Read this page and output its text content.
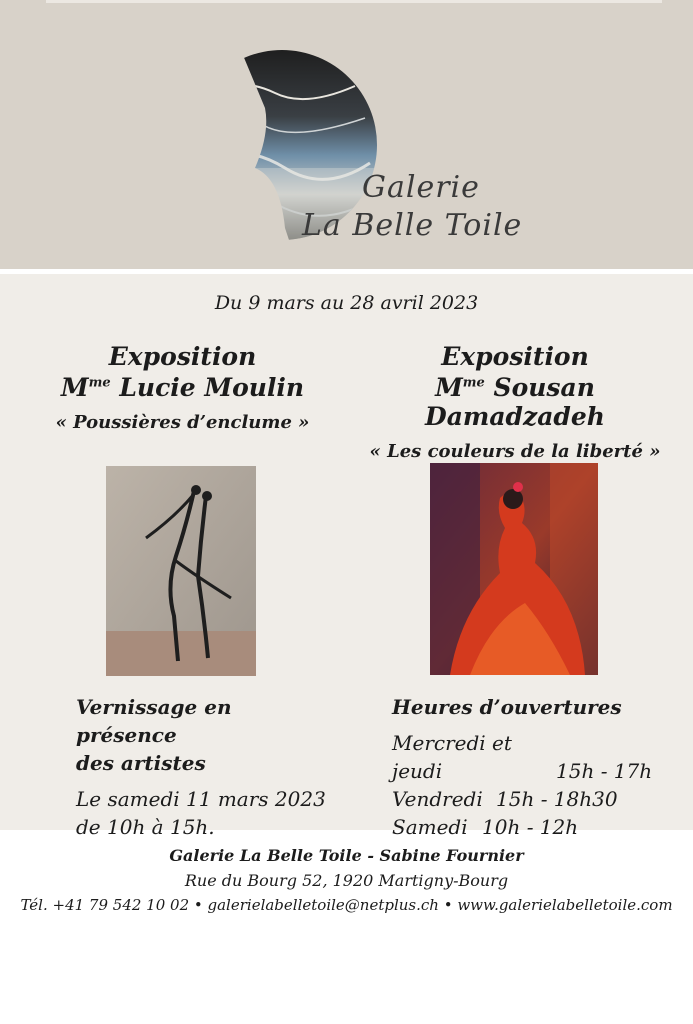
Galerie
La Belle Toile
Du 9 mars au 28 avril 2023
Exposition
$M^{me}$ Lucie Moulin
« Poussières d’enclume »
Vernissage en présence
des artistes
Le samedi 11 mars 2023
de 10h à 15h.
Exposition
$M^{me}$ Sousan Damadzadeh
« Les couleurs de la liberté »
Heures d’ouvertures
Mercredi et jeudi	15h - 17h
Vendredi 15h - 18h30
Samedi 10h - 12h
Galerie La Belle Toile - Sabine Fournier
Rue du Bourg 52, 1920 Martigny-Bourg
Tél. +41 79 542 10 02 • galerielabelletoile@netplus.ch • www.galerielabelletoile.com
